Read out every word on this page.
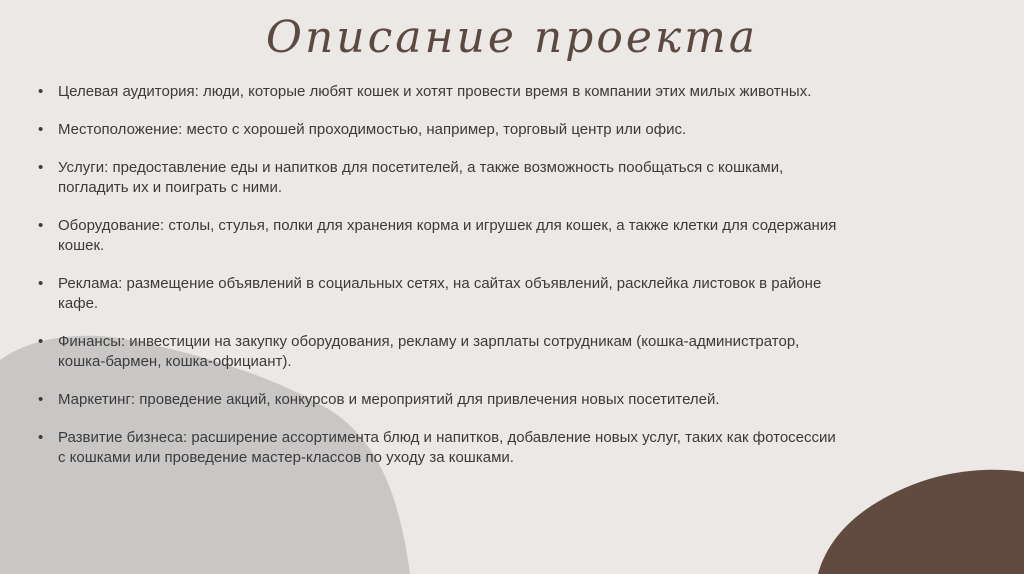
Описание проекта
• Целевая аудитория: люди, которые любят кошек и хотят провести время в компании этих милых животных.
• Местоположение: место с хорошей проходимостью, например, торговый центр или офис.
• Услуги: предоставление еды и напитков для посетителей, а также возможность пообщаться с кошками, погладить их и поиграть с ними.
• Оборудование: столы, стулья, полки для хранения корма и игрушек для кошек, а также клетки для содержания кошек.
• Реклама: размещение объявлений в социальных сетях, на сайтах объявлений, расклейка листовок в районе кафе.
• Финансы: инвестиции на закупку оборудования, рекламу и зарплаты сотрудникам (кошка-администратор, кошка-бармен, кошка-официант).
• Маркетинг: проведение акций, конкурсов и мероприятий для привлечения новых посетителей.
• Развитие бизнеса: расширение ассортимента блюд и напитков, добавление новых услуг, таких как фотосессии с кошками или проведение мастер-классов по уходу за кошками.
